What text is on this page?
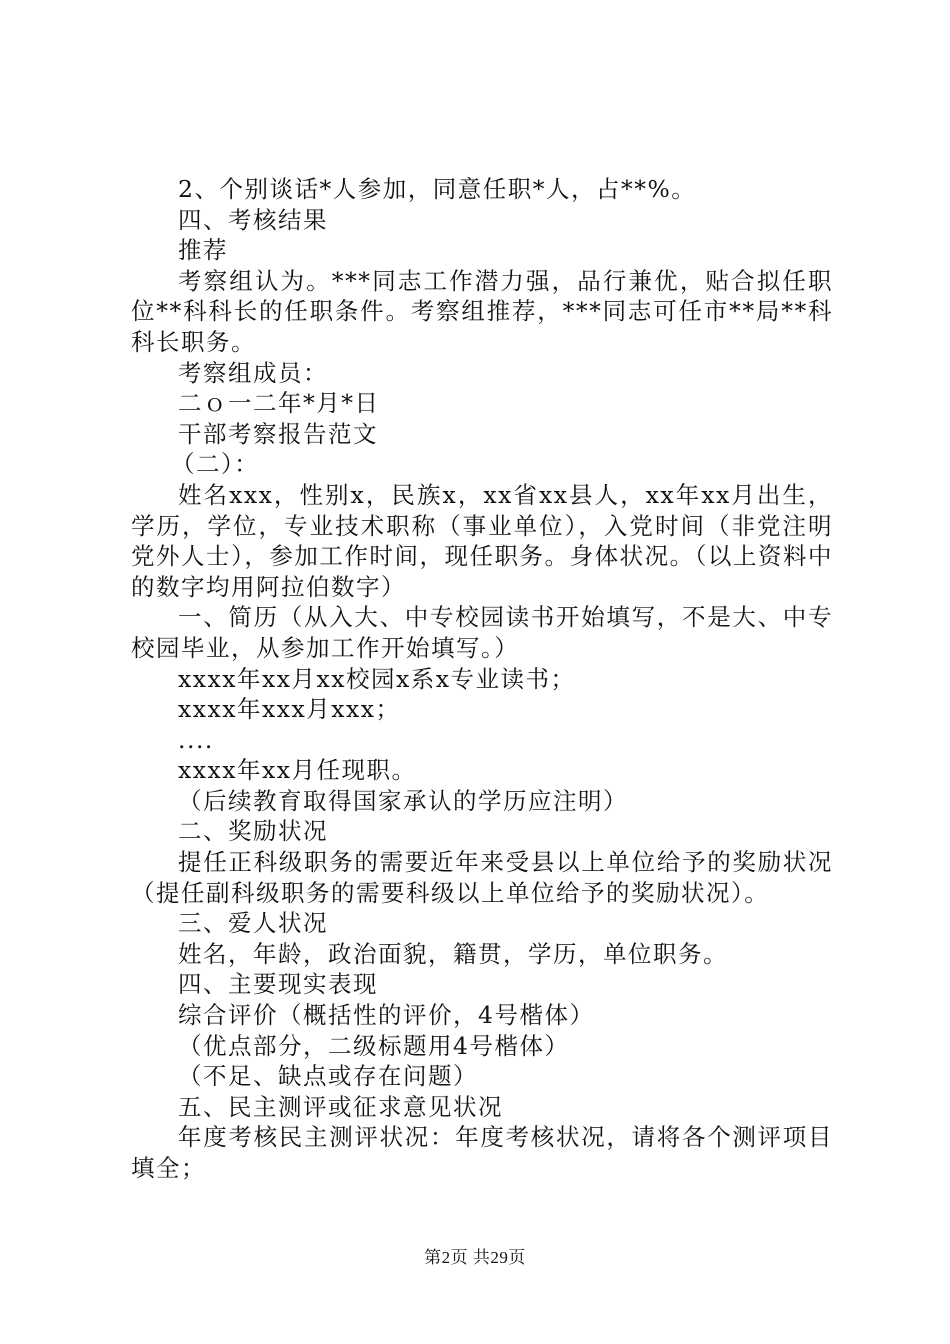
2、个别谈话*人参加，同意任职*人，占**%。
四、考核结果
推荐
考察组认为。***同志工作潜力强，品行兼优，贴合拟任职位**科科长的任职条件。考察组推荐，***同志可任市**局**科科长职务。
考察组成员：
二ｏ一二年*月*日
干部考察报告范文
（二）：
姓名xxx，性别x，民族x，xx省xx县人，xx年xx月出生，学历，学位，专业技术职称（事业单位），入党时间（非党注明党外人士），参加工作时间，现任职务。身体状况。（以上资料中的数字均用阿拉伯数字）
一、简历（从入大、中专校园读书开始填写，不是大、中专校园毕业，从参加工作开始填写。）
xxxx年xx月xx校园x系x专业读书；
xxxx年xxx月xxx；
....
xxxx年xx月任现职。
（后续教育取得国家承认的学历应注明）
二、奖励状况
提任正科级职务的需要近年来受县以上单位给予的奖励状况（提任副科级职务的需要科级以上单位给予的奖励状况）。
三、爱人状况
姓名，年龄，政治面貌，籍贯，学历，单位职务。
四、主要现实表现
综合评价（概括性的评价，4号楷体）
（优点部分，二级标题用4号楷体）
（不足、缺点或存在问题）
五、民主测评或征求意见状况
年度考核民主测评状况：年度考核状况，请将各个测评项目填全；
第2页 共29页
